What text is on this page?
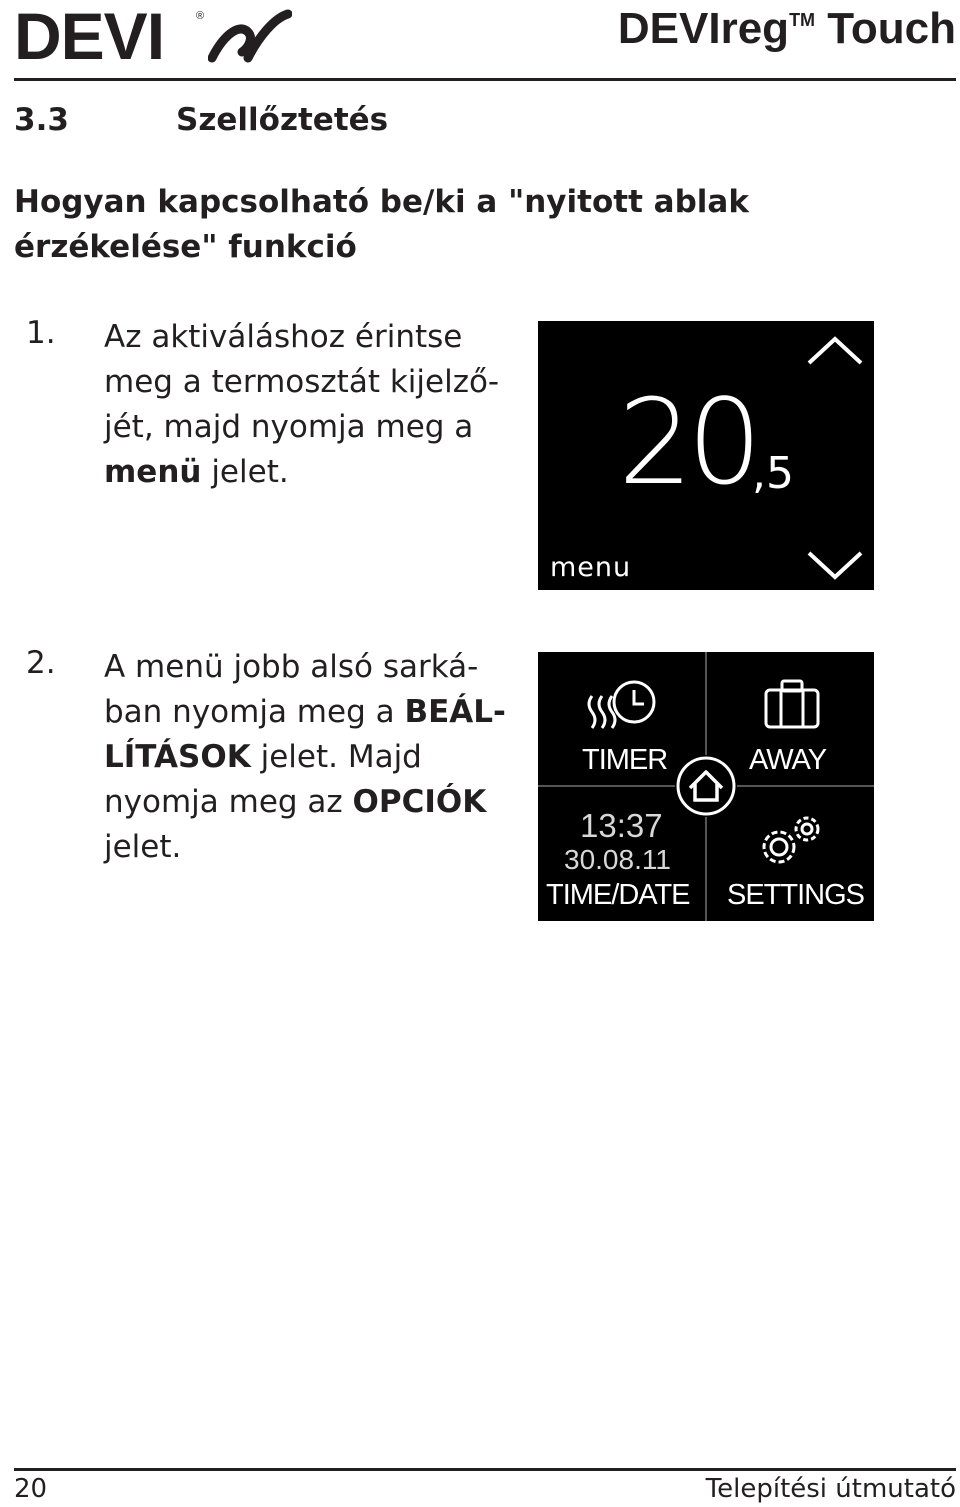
DEVI	®	DEVIreg™ Touch
3.3	Szellőztetés
Hogyan kapcsolható be/ki a "nyitott ablak érzékelése" funkció
1. Az aktiváláshoz érintse meg a termosztát kijelző-jét, majd nyomja meg a menü jelet.	20
,5
menu
2. A menü jobb alsó sarká-ban nyomja meg a BEÁL-LÍTÁSOK jelet. Majd nyomja meg az OPCIÓK jelet.
TIMER	AWAY
13:37
30.08.11
TIME/DATE SETTINGS
20	Telepítési útmutató
